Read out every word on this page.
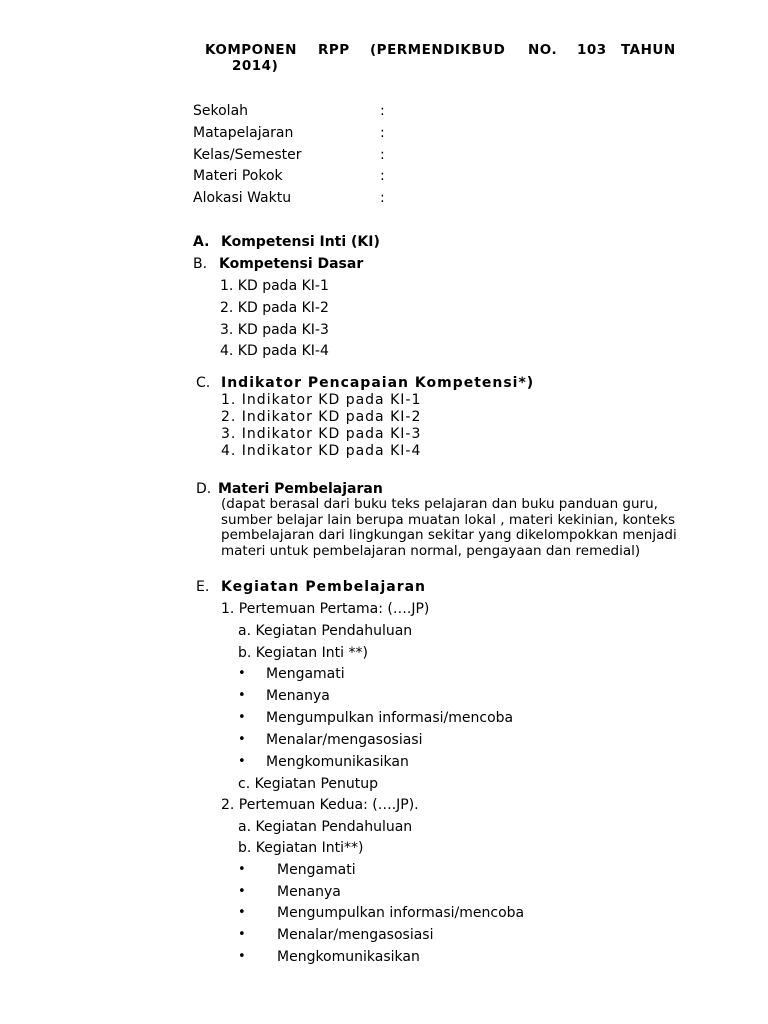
KOMPONEN RPP (PERMENDIKBUD NO. 103 TAHUN
2014)
Sekolah	:
Matapelajaran	:
Kelas/Semester	:
Materi Pokok	:
Alokasi Waktu	:
A. Kompetensi Inti (KI)
B. Kompetensi Dasar
1. KD pada KI-1
2. KD pada KI-2
3. KD pada KI-3
4. KD pada KI-4
C. Indikator Pencapaian Kompetensi*)
1. Indikator KD pada KI-1
2. Indikator KD pada KI-2
3. Indikator KD pada KI-3
4. Indikator KD pada KI-4
D. Materi Pembelajaran
(dapat berasal dari buku teks pelajaran dan buku panduan guru, sumber belajar lain berupa muatan lokal , materi kekinian, konteks pembelajaran dari lingkungan sekitar yang dikelompokkan menjadi materi untuk pembelajaran normal, pengayaan dan remedial)
E. Kegiatan Pembelajaran
1. Pertemuan Pertama: (….JP)
a. Kegiatan Pendahuluan
b. Kegiatan Inti **)
• Mengamati
• Menanya
• Mengumpulkan informasi/mencoba
• Menalar/mengasosiasi
• Mengkomunikasikan
c. Kegiatan Penutup
2. Pertemuan Kedua: (….JP).
a. Kegiatan Pendahuluan
b. Kegiatan Inti**)
• Mengamati
• Menanya
• Mengumpulkan informasi/mencoba
• Menalar/mengasosiasi
• Mengkomunikasikan
